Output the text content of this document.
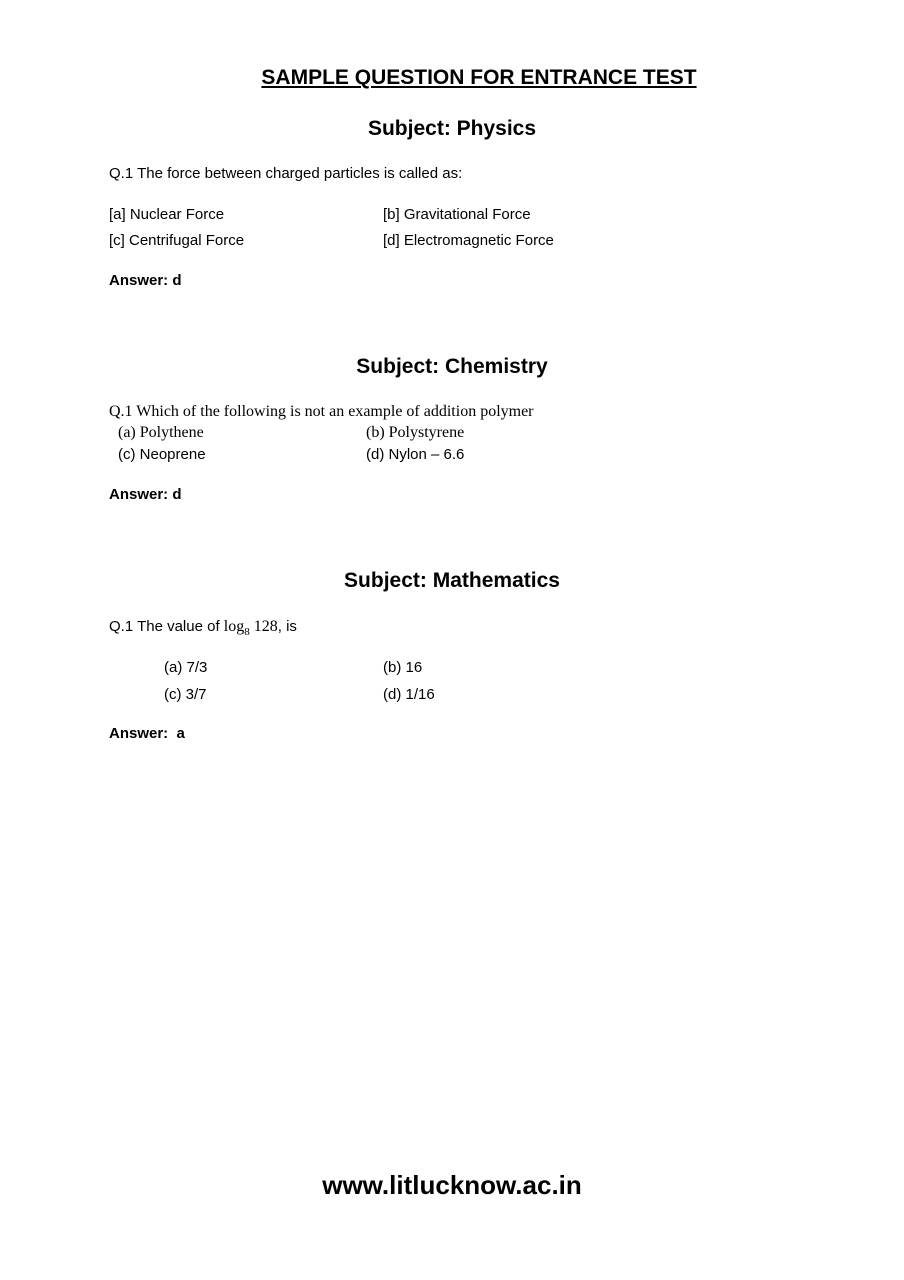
SAMPLE QUESTION FOR ENTRANCE TEST
Subject: Physics
Q.1 The force between charged particles is called as:
[a] Nuclear Force	[b] Gravitational Force
[c] Centrifugal Force	[d] Electromagnetic Force
Answer: d
Subject: Chemistry
Q.1 Which of the following is not an example of addition polymer
(a) Polythene	(b) Polystyrene
(c) Neoprene	(d) Nylon – 6.6
Answer: d
Subject: Mathematics
Q.1 The value of $\log_8 128$, is
(a) 7/3	(b) 16
(c) 3/7	(d) 1/16
Answer:  a
www.litlucknow.ac.in
